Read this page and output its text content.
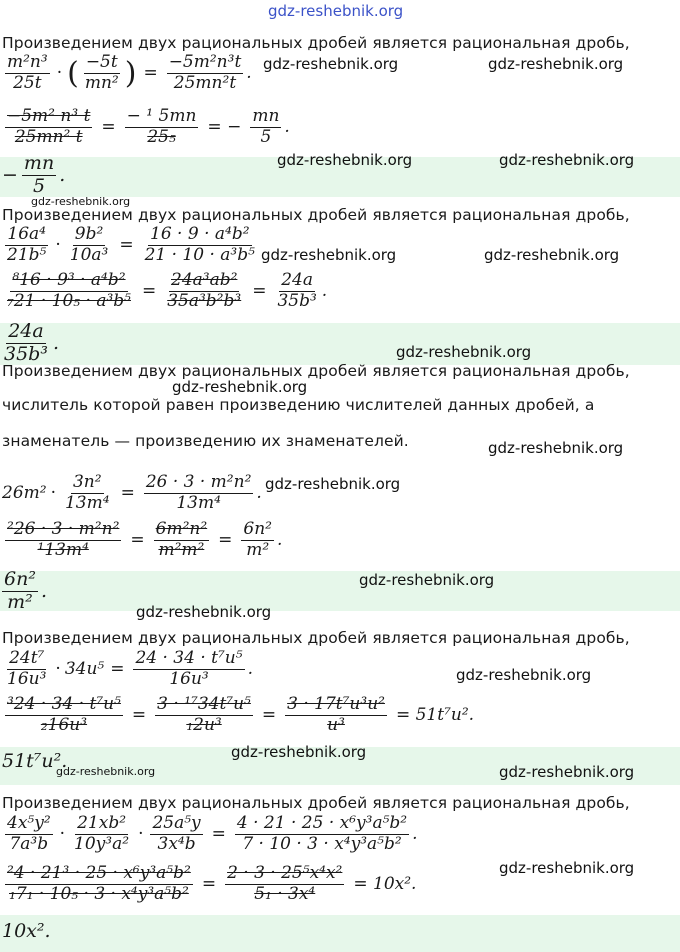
gdz-reshebnik.org
Произведением двух рациональных дробей является рациональная дробь,
$\frac{\text{m²n³}}{25t}$ · ( $\frac{-5t}{\text{mn²}}$ ) = $\frac{\text{−5m²n³t}}{\text{25mn²t}}$ .
$\frac{\text{−5m² n³ t}}{\text{25mn² t}} = \frac{\text{− ¹ 5mn}}{\text{25₅}}$ = − $\frac{mn}{5}$ .
− $\frac{mn}{5}$ .
gdz-reshebnik.org	gdz-reshebnik.org
gdz-reshebnik.org	gdz-reshebnik.org
gdz-reshebnik.org
Произведением двух рациональных дробей является рациональная дробь,
$\frac{\text{16a⁴}}{\text{21b⁵}} \cdot \frac{\text{9b²}}{\text{10a³}} = \frac{\text{16 · 9 · a⁴b²}}{\text{21 · 10 · a³b⁵}}$
$\frac{\text{⁸16 · 9³ · a⁴b²}}{\text{₇21 · 10₅ · a³b⁵}} = \frac{\text{24a³ab²}}{\text{35a³b²b³}} = \frac{24a}{\text{35b³}}$ .
$\frac{24a}{\text{35b³}}$ .
gdz-reshebnik.org	gdz-reshebnik.org
gdz-reshebnik.org
Произведением двух рациональных дробей является рациональная дробь,
числитель которой равен произведению числителей данных дробей, а
знаменатель — произведению их знаменателей.
$26m^2 \cdot \frac{\text{3n²}}{\text{13m⁴}} = \frac{\text{26 · 3 · m²n²}}{\text{13m⁴}}$ .
$\frac{\text{²26 · 3 · m²n²}}{\text{¹13m⁴}} = \frac{\text{6m²n²}}{\text{m²m²}} = \frac{\text{6n²}}{\text{m²}}$ .
$\frac{\text{6n²}}{\text{m²}}$ .
gdz-reshebnik.org
gdz-reshebnik.org
gdz-reshebnik.org
gdz-reshebnik.org
gdz-reshebnik.org
Произведением двух рациональных дробей является рациональная дробь,
$\frac{\text{24t⁷}}{\text{16u³}} \cdot 34u^5 = \frac{\text{24 · 34 · t⁷u⁵}}{\text{16u³}}$ .
$\frac{\text{³24 · 34 · t⁷u⁵}}{\text{₂16u³}} = \frac{\text{3 · ¹⁷34t⁷u⁵}}{\text{₁2u³}} = \frac{\text{3 · 17t⁷u³u²}}{\text{u³}} = 51t^7u^2$.
51t⁷u².
gdz-reshebnik.org
gdz-reshebnik.org
gdz-reshebnik.org	gdz-reshebnik.org
Произведением двух рациональных дробей является рациональная дробь,
$\frac{\text{4x⁵y²}}{\text{7a³b}} \cdot \frac{\text{21xb²}}{\text{10y³a²}} \cdot \frac{\text{25a⁵y}}{\text{3x⁴b}} = \frac{\text{4 · 21 · 25 · x⁶y³a⁵b²}}{\text{7 · 10 · 3 · x⁴y³a⁵b²}}$ .
$\frac{\text{²4 · 21³ · 25 · x⁶y³a⁵b²}}{\text{₁7₁ · 10₅ · 3 · x⁴y³a⁵b²}} = \frac{\text{2 · 3 · 25⁵x⁴x²}}{\text{5₁ · 3x⁴}} = 10x^2$.
10x².
gdz-reshebnik.org
